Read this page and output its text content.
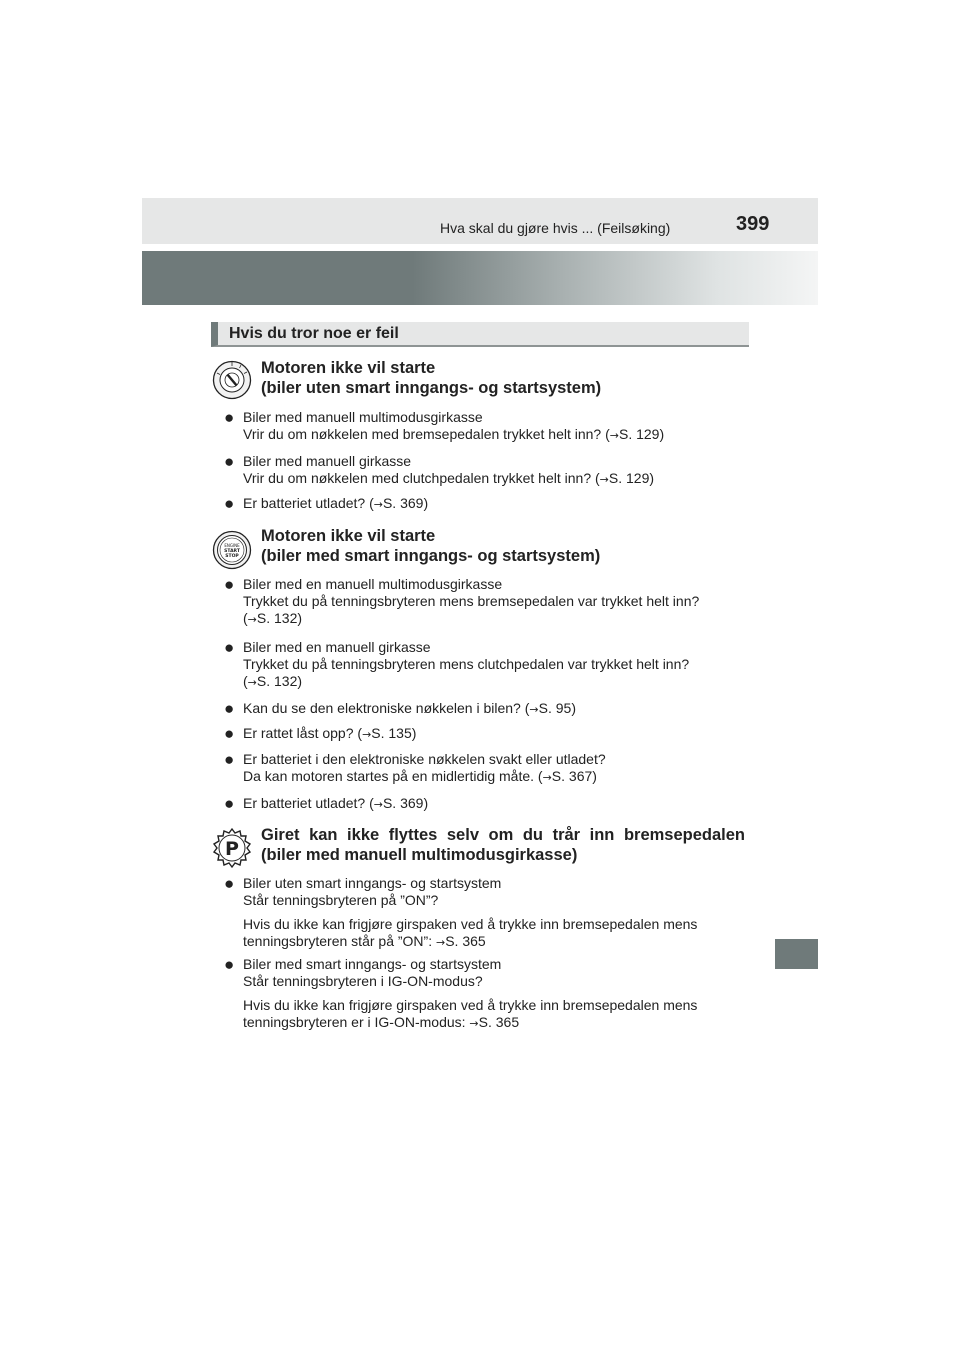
Hva skal du gjøre hvis ... (Feilsøking)	399
Hvis du tror noe er feil
Motoren ikke vil starte
(biler uten smart inngangs- og startsystem)
● Biler med manuell multimodusgirkasse
Vrir du om nøkkelen med bremsepedalen trykket helt inn? (→S. 129)
● Biler med manuell girkasse
Vrir du om nøkkelen med clutchpedalen trykket helt inn? (→S. 129)
● Er batteriet utladet? (→S. 369)
ENGINE
START
STOP
Motoren ikke vil starte
(biler med smart inngangs- og startsystem)
● Biler med en manuell multimodusgirkasse
Trykket du på tenningsbryteren mens bremsepedalen var trykket helt inn?
(→S. 132)
● Biler med en manuell girkasse
Trykket du på tenningsbryteren mens clutchpedalen var trykket helt inn?
(→S. 132)
● Kan du se den elektroniske nøkkelen i bilen? (→S. 95)
● Er rattet låst opp? (→S. 135)
● Er batteriet i den elektroniske nøkkelen svakt eller utladet?
Da kan motoren startes på en midlertidig måte. (→S. 367)
● Er batteriet utladet? (→S. 369)
P
Giret kan ikke flyttes selv om du trår inn bremsepedalen
(biler med manuell multimodusgirkasse)
● Biler uten smart inngangs- og startsystem
Står tenningsbryteren på ”ON”?
Hvis du ikke kan frigjøre girspaken ved å trykke inn bremsepedalen mens
tenningsbryteren står på ”ON”: →S. 365
● Biler med smart inngangs- og startsystem
Står tenningsbryteren i IG-ON-modus?
Hvis du ikke kan frigjøre girspaken ved å trykke inn bremsepedalen mens
tenningsbryteren er i IG-ON-modus: →S. 365
